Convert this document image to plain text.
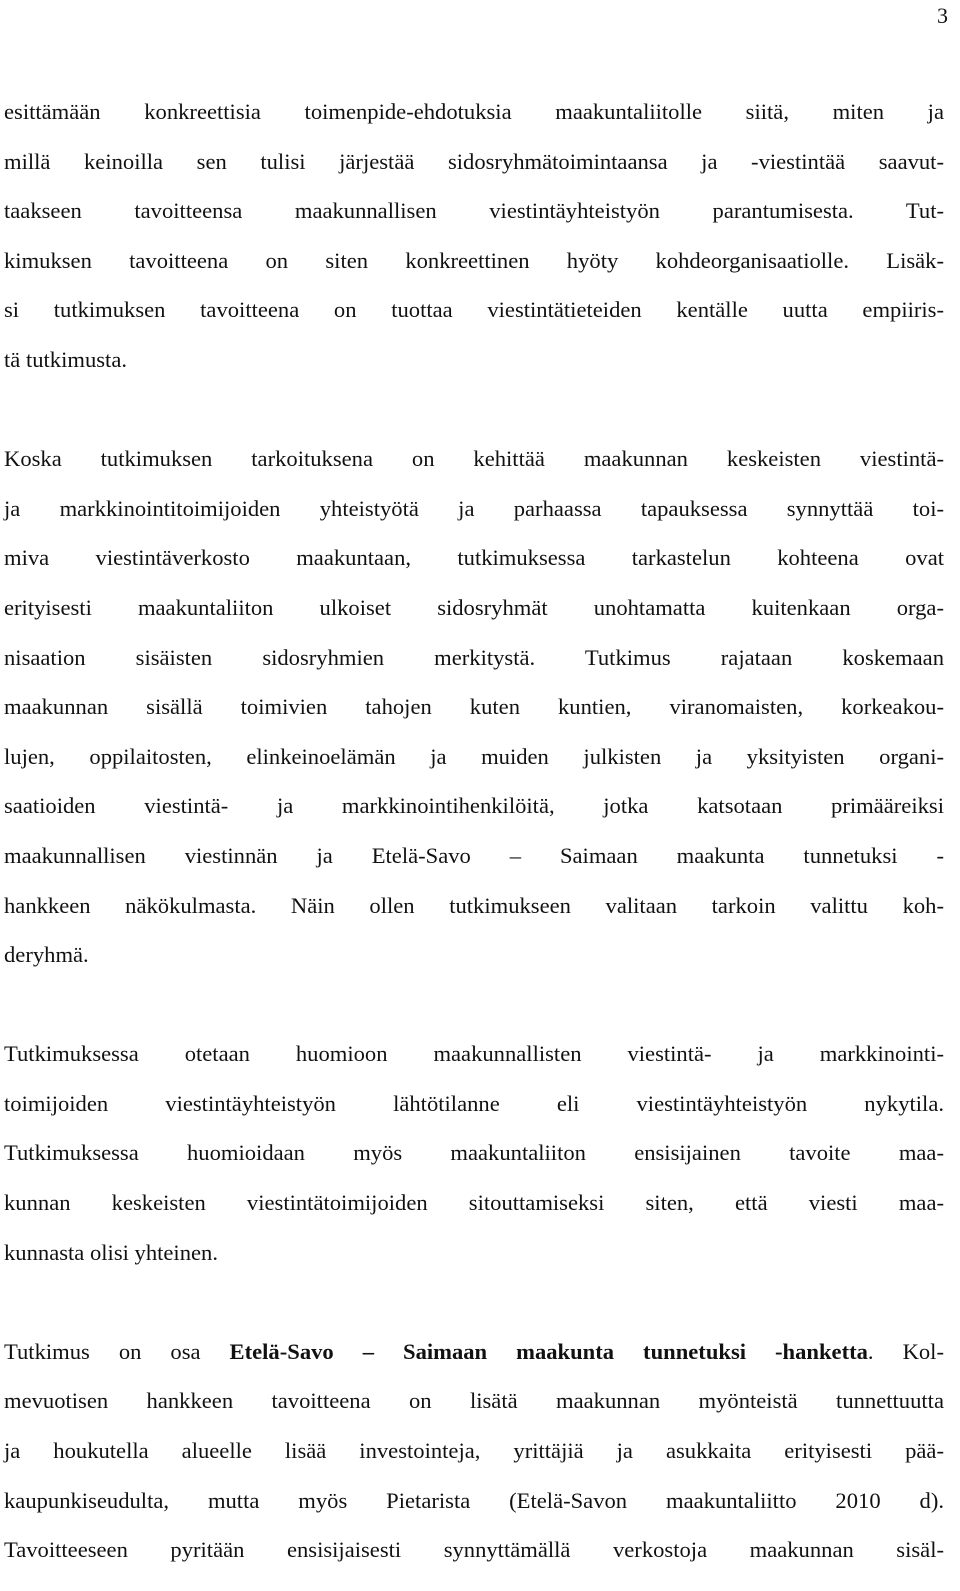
3
esittämään konkreettisia toimenpide-ehdotuksia maakuntaliitolle siitä, miten ja
millä keinoilla sen tulisi järjestää sidosryhmätoimintaansa ja -viestintää saavut-
taakseen tavoitteensa maakunnallisen viestintäyhteistyön parantumisesta. Tut-
kimuksen tavoitteena on siten konkreettinen hyöty kohdeorganisaatiolle. Lisäk-
si tutkimuksen tavoitteena on tuottaa viestintätieteiden kentälle uutta empiiris-
tä tutkimusta.
Koska tutkimuksen tarkoituksena on kehittää maakunnan keskeisten viestintä-
ja markkinointitoimijoiden yhteistyötä ja parhaassa tapauksessa synnyttää toi-
miva viestintäverkosto maakuntaan, tutkimuksessa tarkastelun kohteena ovat
erityisesti maakuntaliiton ulkoiset sidosryhmät unohtamatta kuitenkaan orga-
nisaation sisäisten sidosryhmien merkitystä. Tutkimus rajataan koskemaan
maakunnan sisällä toimivien tahojen kuten kuntien, viranomaisten, korkeakou-
lujen, oppilaitosten, elinkeinoelämän ja muiden julkisten ja yksityisten organi-
saatioiden viestintä- ja markkinointihenkilöitä, jotka katsotaan primääreiksi
maakunnallisen viestinnän ja Etelä-Savo – Saimaan maakunta tunnetuksi -
hankkeen näkökulmasta. Näin ollen tutkimukseen valitaan tarkoin valittu koh-
deryhmä.
Tutkimuksessa otetaan huomioon maakunnallisten viestintä- ja markkinointi-
toimijoiden viestintäyhteistyön lähtötilanne eli viestintäyhteistyön nykytila.
Tutkimuksessa huomioidaan myös maakuntaliiton ensisijainen tavoite maa-
kunnan keskeisten viestintätoimijoiden sitouttamiseksi siten, että viesti maa-
kunnasta olisi yhteinen.
Tutkimus on osa Etelä-Savo – Saimaan maakunta tunnetuksi -hanketta. Kol-
mevuotisen hankkeen tavoitteena on lisätä maakunnan myönteistä tunnettuutta
ja houkutella alueelle lisää investointeja, yrittäjiä ja asukkaita erityisesti pää-
kaupunkiseudulta, mutta myös Pietarista (Etelä-Savon maakuntaliitto 2010 d).
Tavoitteeseen pyritään ensisijaisesti synnyttämällä verkostoja maakunnan sisäl-
